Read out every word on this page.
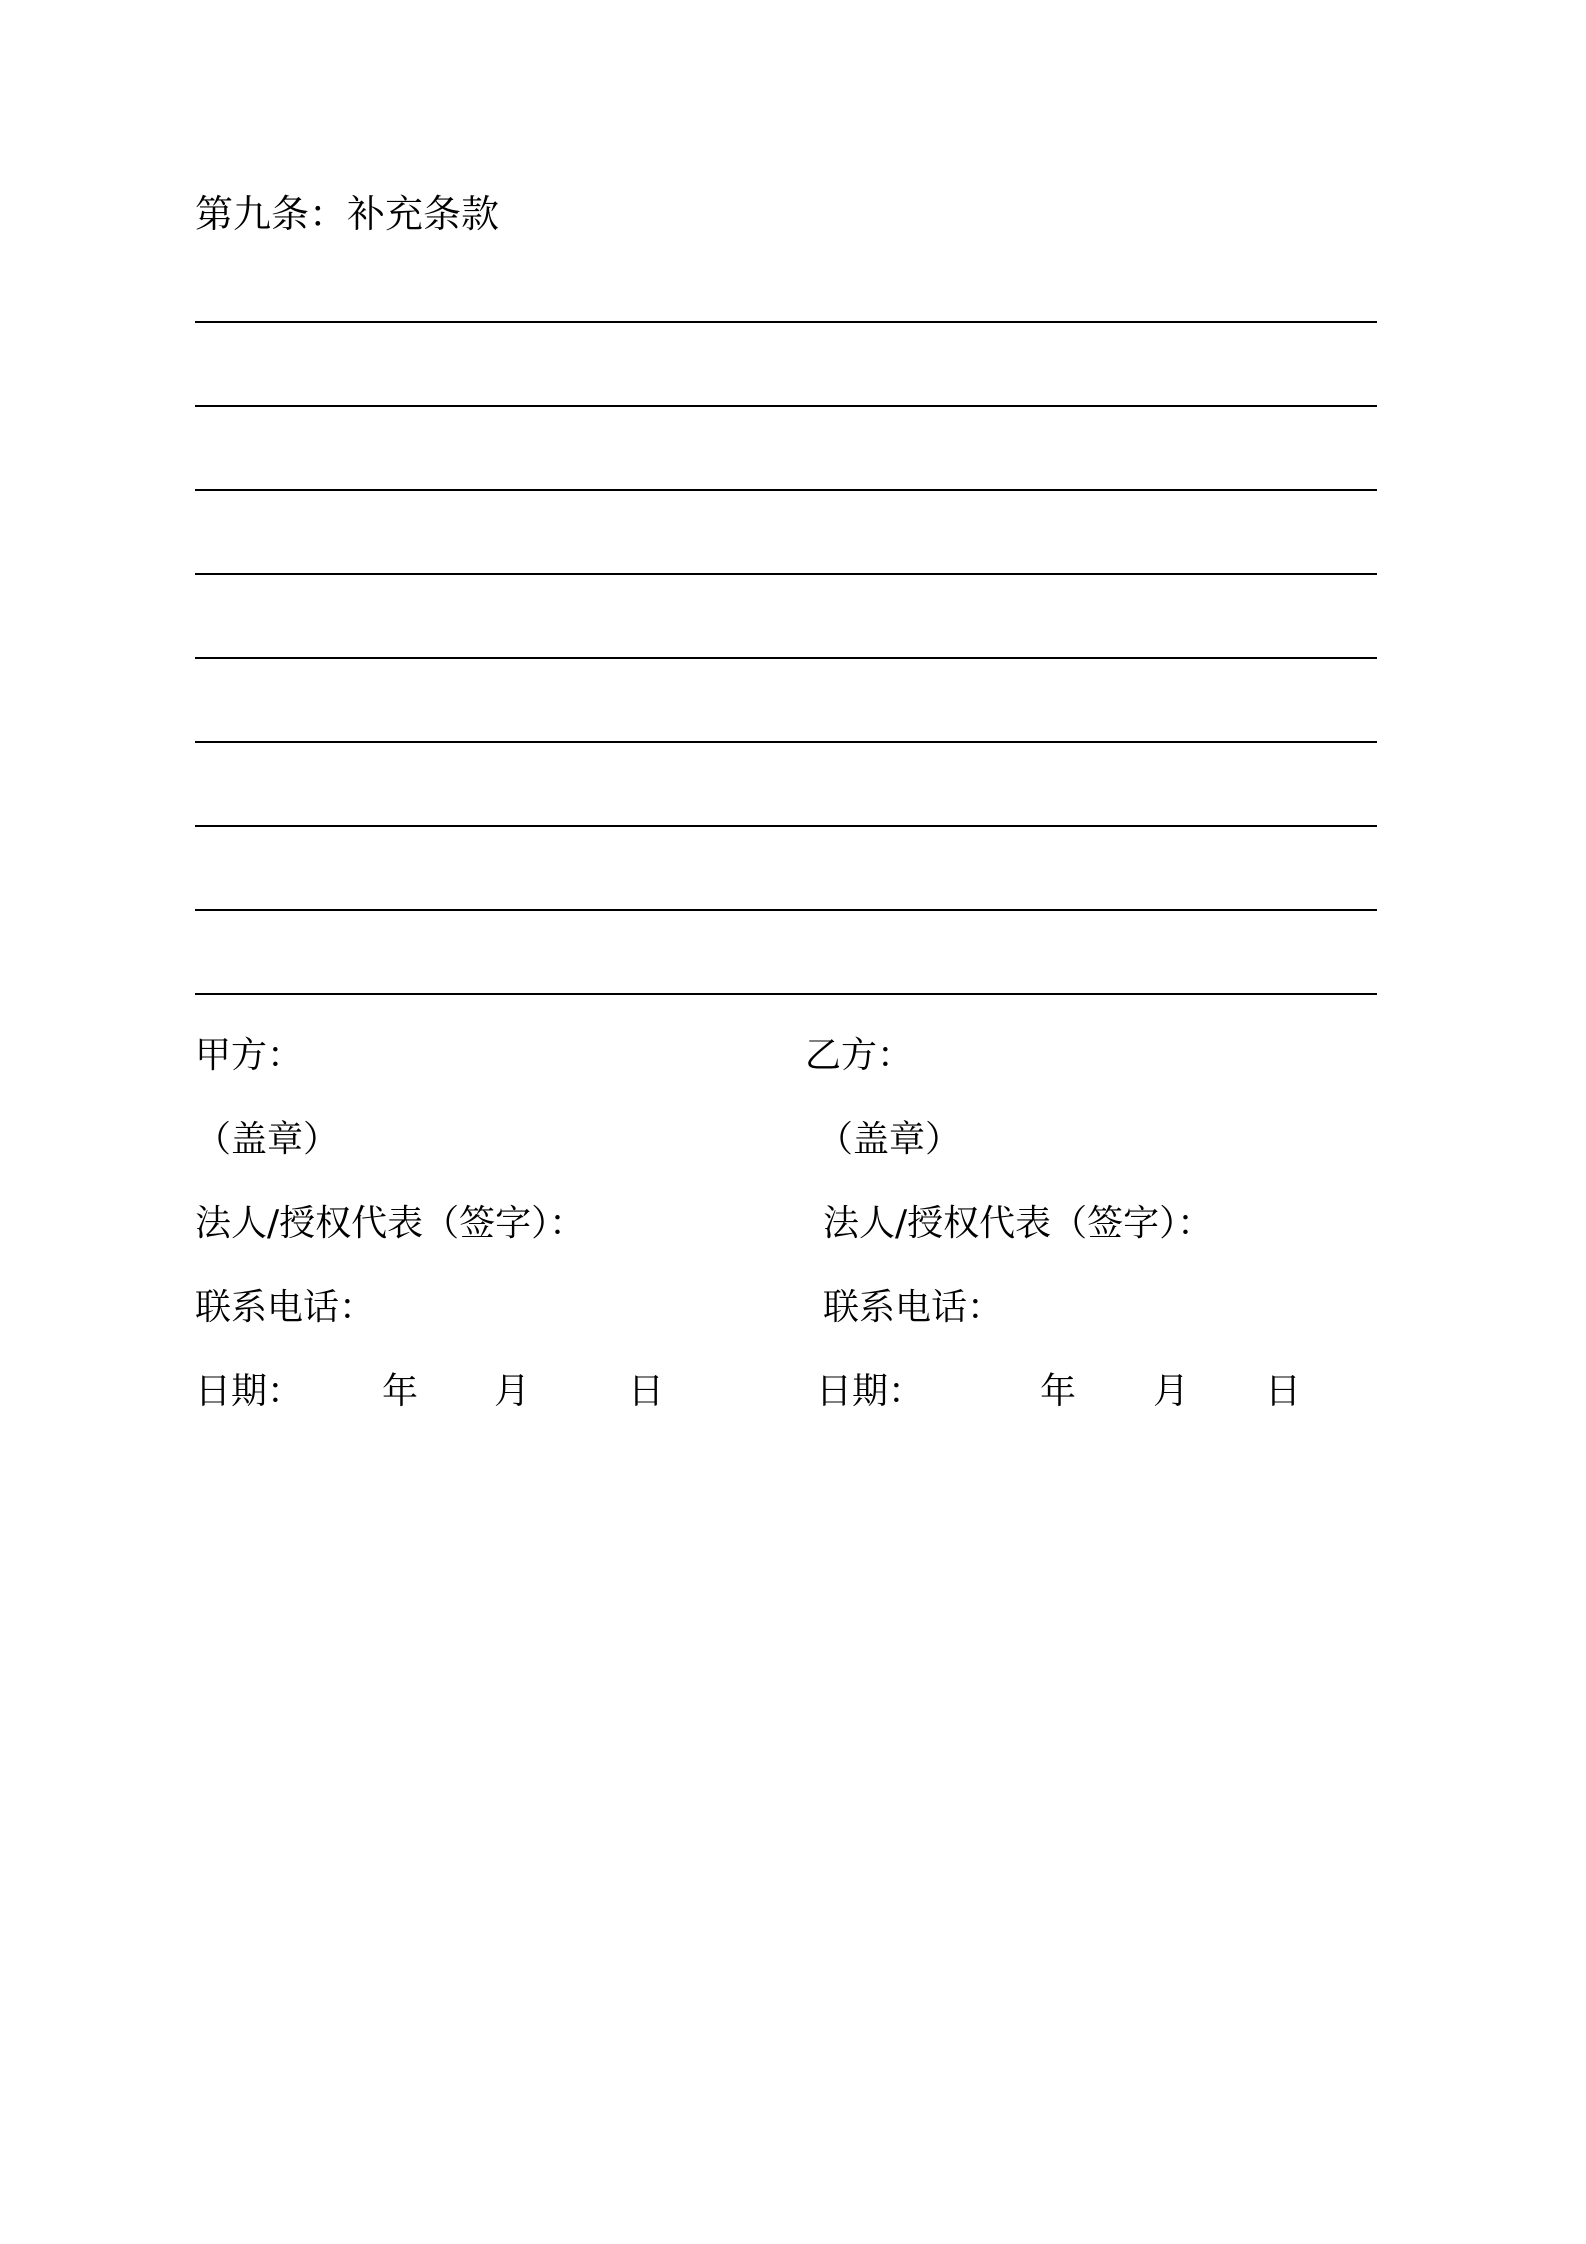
第九条：补充条款
甲方：
（盖章）
法人/授权代表（签字）：
联系电话：
日期： 年 月	日
乙方：
（盖章）
法人/授权代表（签字）：
联系电话：
日期：	年 月 日
